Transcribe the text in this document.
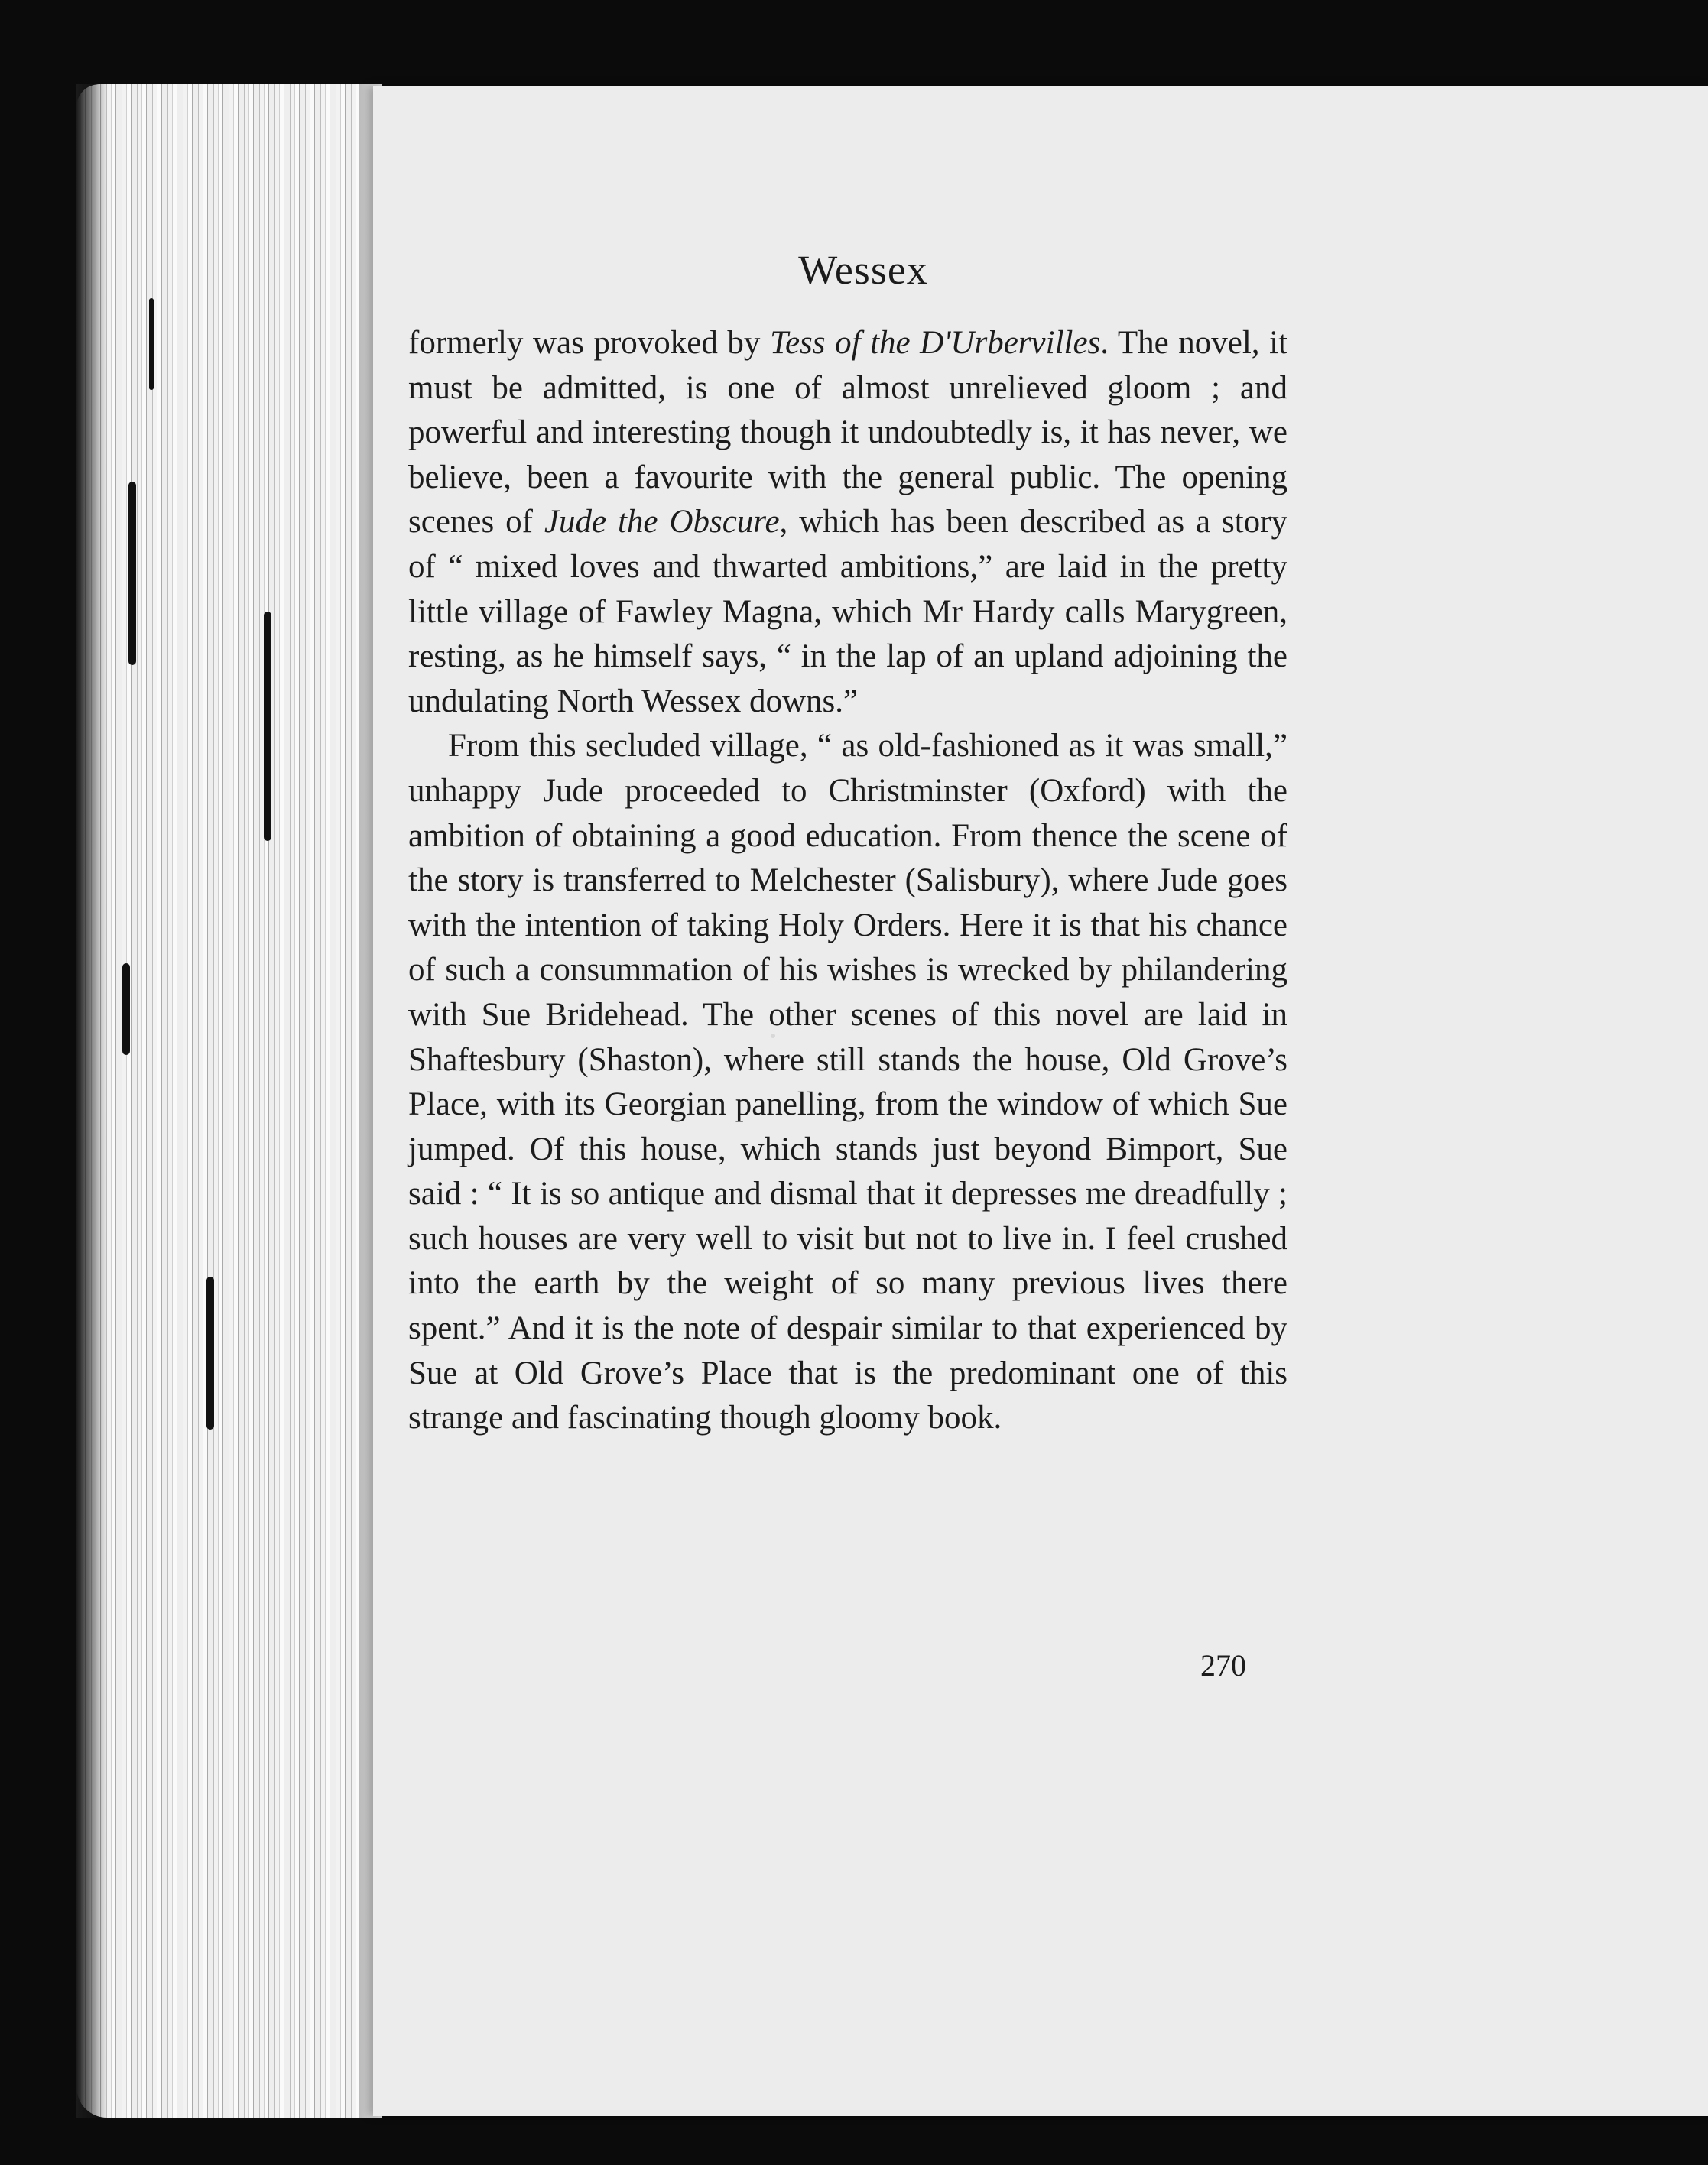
Wessex

formerly was provoked by Tess of the D'Urbervilles. The novel, it must be admitted, is one of almost unrelieved gloom ; and powerful and interesting though it undoubtedly is, it has never, we believe, been a favourite with the general public. The opening scenes of Jude the Obscure, which has been described as a story of “ mixed loves and thwarted ambitions,” are laid in the pretty little village of Fawley Magna, which Mr Hardy calls Marygreen, resting, as he himself says, “ in the lap of an upland adjoining the undulating North Wessex downs.”

From this secluded village, “ as old-fashioned as it was small,” unhappy Jude proceeded to Christminster (Oxford) with the ambition of obtaining a good education. From thence the scene of the story is transferred to Melchester (Salisbury), where Jude goes with the intention of taking Holy Orders. Here it is that his chance of such a consummation of his wishes is wrecked by philandering with Sue Bridehead. The other scenes of this novel are laid in Shaftesbury (Shaston), where still stands the house, Old Grove’s Place, with its Georgian panelling, from the window of which Sue jumped. Of this house, which stands just beyond Bimport, Sue said : “ It is so antique and dismal that it depresses me dreadfully ; such houses are very well to visit but not to live in. I feel crushed into the earth by the weight of so many previous lives there spent.” And it is the note of despair similar to that experienced by Sue at Old Grove’s Place that is the predominant one of this strange and fascinating though gloomy book.

270
